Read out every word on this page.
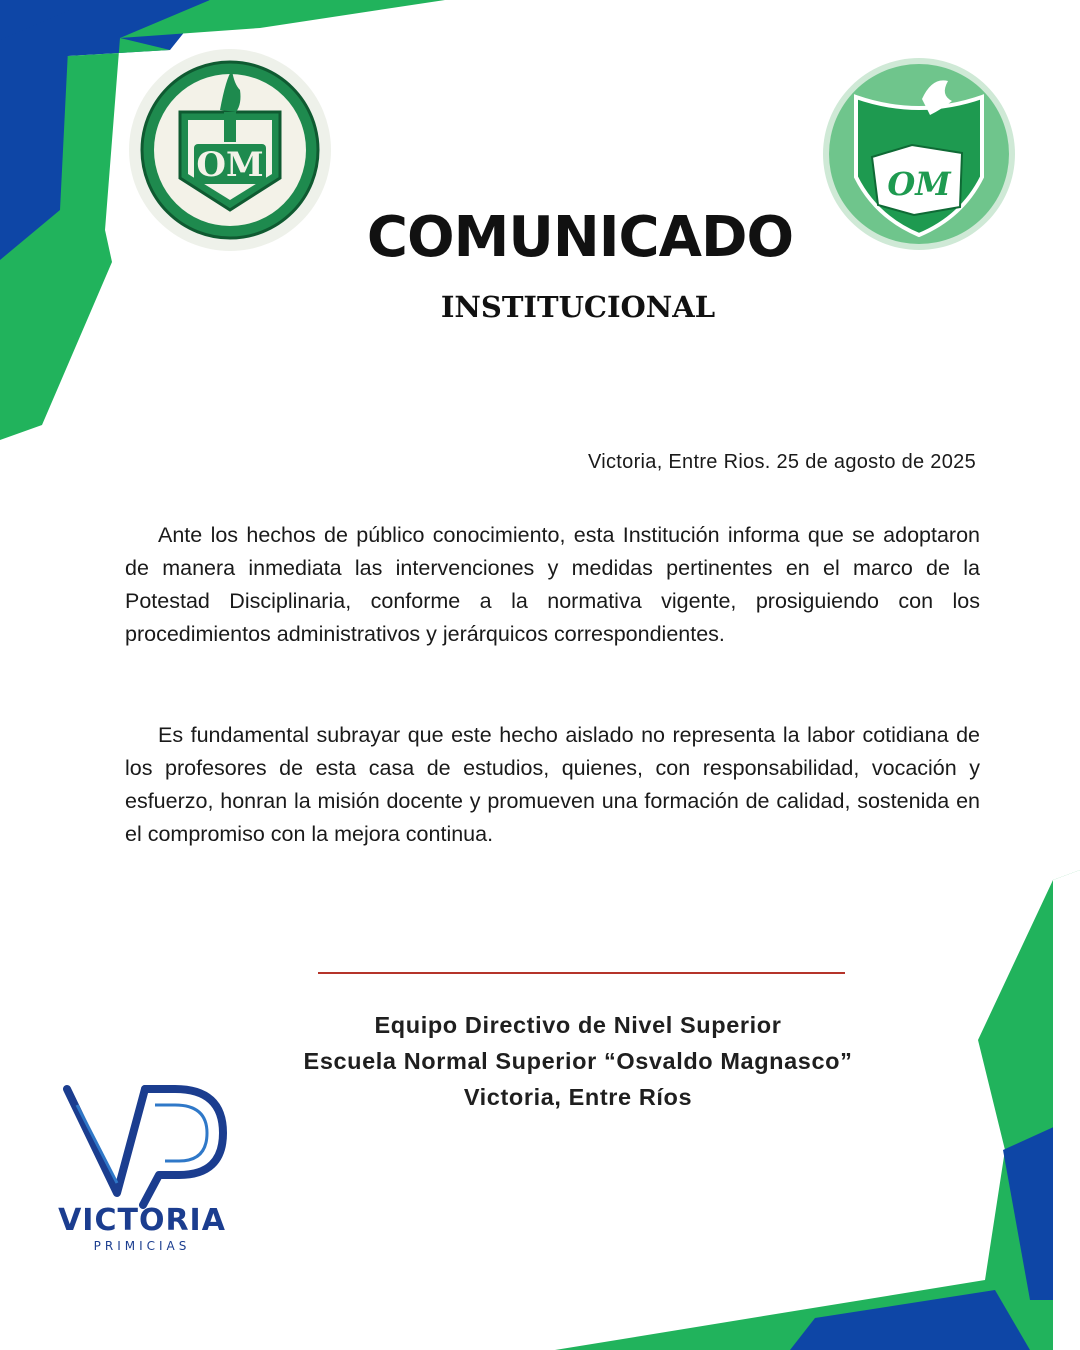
OM	OM
COMUNICADO
INSTITUCIONAL
Victoria, Entre Rios. 25 de agosto de 2025

Ante los hechos de público conocimiento, esta Institución informa que se adoptaron de manera inmediata las intervenciones y medidas pertinentes en el marco de la Potestad Disciplinaria, conforme a la normativa vigente, prosiguiendo con los procedimientos administrativos y jerárquicos correspondientes.

Es fundamental subrayar que este hecho aislado no representa la labor cotidiana de los profesores de esta casa de estudios, quienes, con responsabilidad, vocación y esfuerzo, honran la misión docente y promueven una formación de calidad, sostenida en el compromiso con la mejora continua.

Equipo Directivo de Nivel Superior
Escuela Normal Superior “Osvaldo Magnasco”
Victoria, Entre Ríos
VICTORIA
PRIMICIAS
